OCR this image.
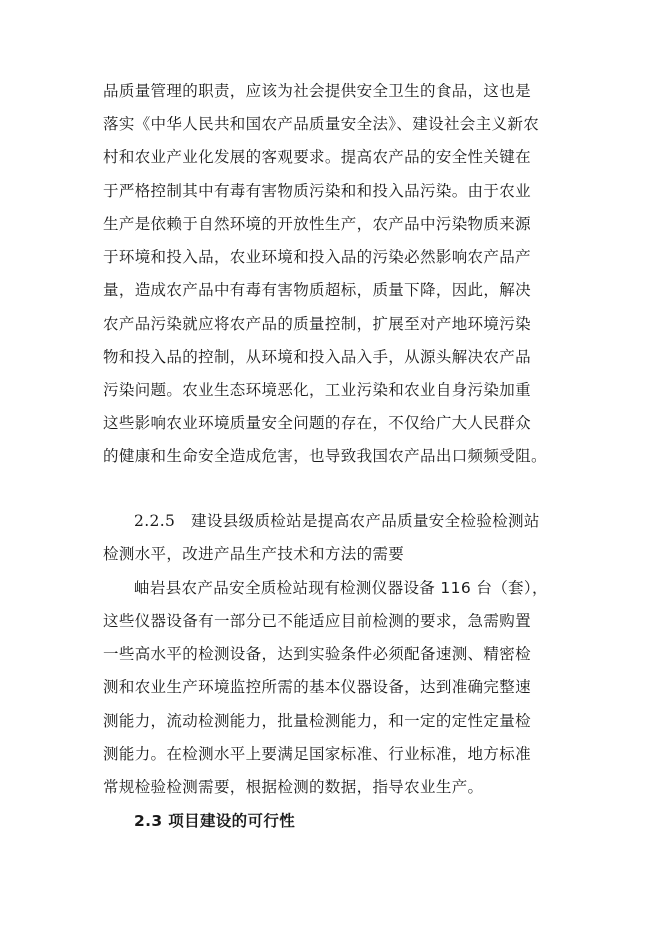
品质量管理的职责，应该为社会提供安全卫生的食品，这也是
落实《中华人民共和国农产品质量安全法》、建设社会主义新农
村和农业产业化发展的客观要求。提高农产品的安全性关键在
于严格控制其中有毒有害物质污染和和投入品污染。由于农业
生产是依赖于自然环境的开放性生产，农产品中污染物质来源
于环境和投入品，农业环境和投入品的污染必然影响农产品产
量，造成农产品中有毒有害物质超标，质量下降，因此，解决
农产品污染就应将农产品的质量控制，扩展至对产地环境污染
物和投入品的控制，从环境和投入品入手，从源头解决农产品
污染问题。农业生态环境恶化，工业污染和农业自身污染加重
这些影响农业环境质量安全问题的存在，不仅给广大人民群众
的健康和生命安全造成危害，也导致我国农产品出口频频受阻。
2.2.5　建设县级质检站是提高农产品质量安全检验检测站
检测水平，改进产品生产技术和方法的需要
岫岩县农产品安全质检站现有检测仪器设备 116 台（套），
这些仪器设备有一部分已不能适应目前检测的要求，急需购置
一些高水平的检测设备，达到实验条件必须配备速测、精密检
测和农业生产环境监控所需的基本仪器设备，达到准确完整速
测能力，流动检测能力，批量检测能力，和一定的定性定量检
测能力。在检测水平上要满足国家标准、行业标准，地方标准
常规检验检测需要，根据检测的数据，指导农业生产。
2.3 项目建设的可行性
